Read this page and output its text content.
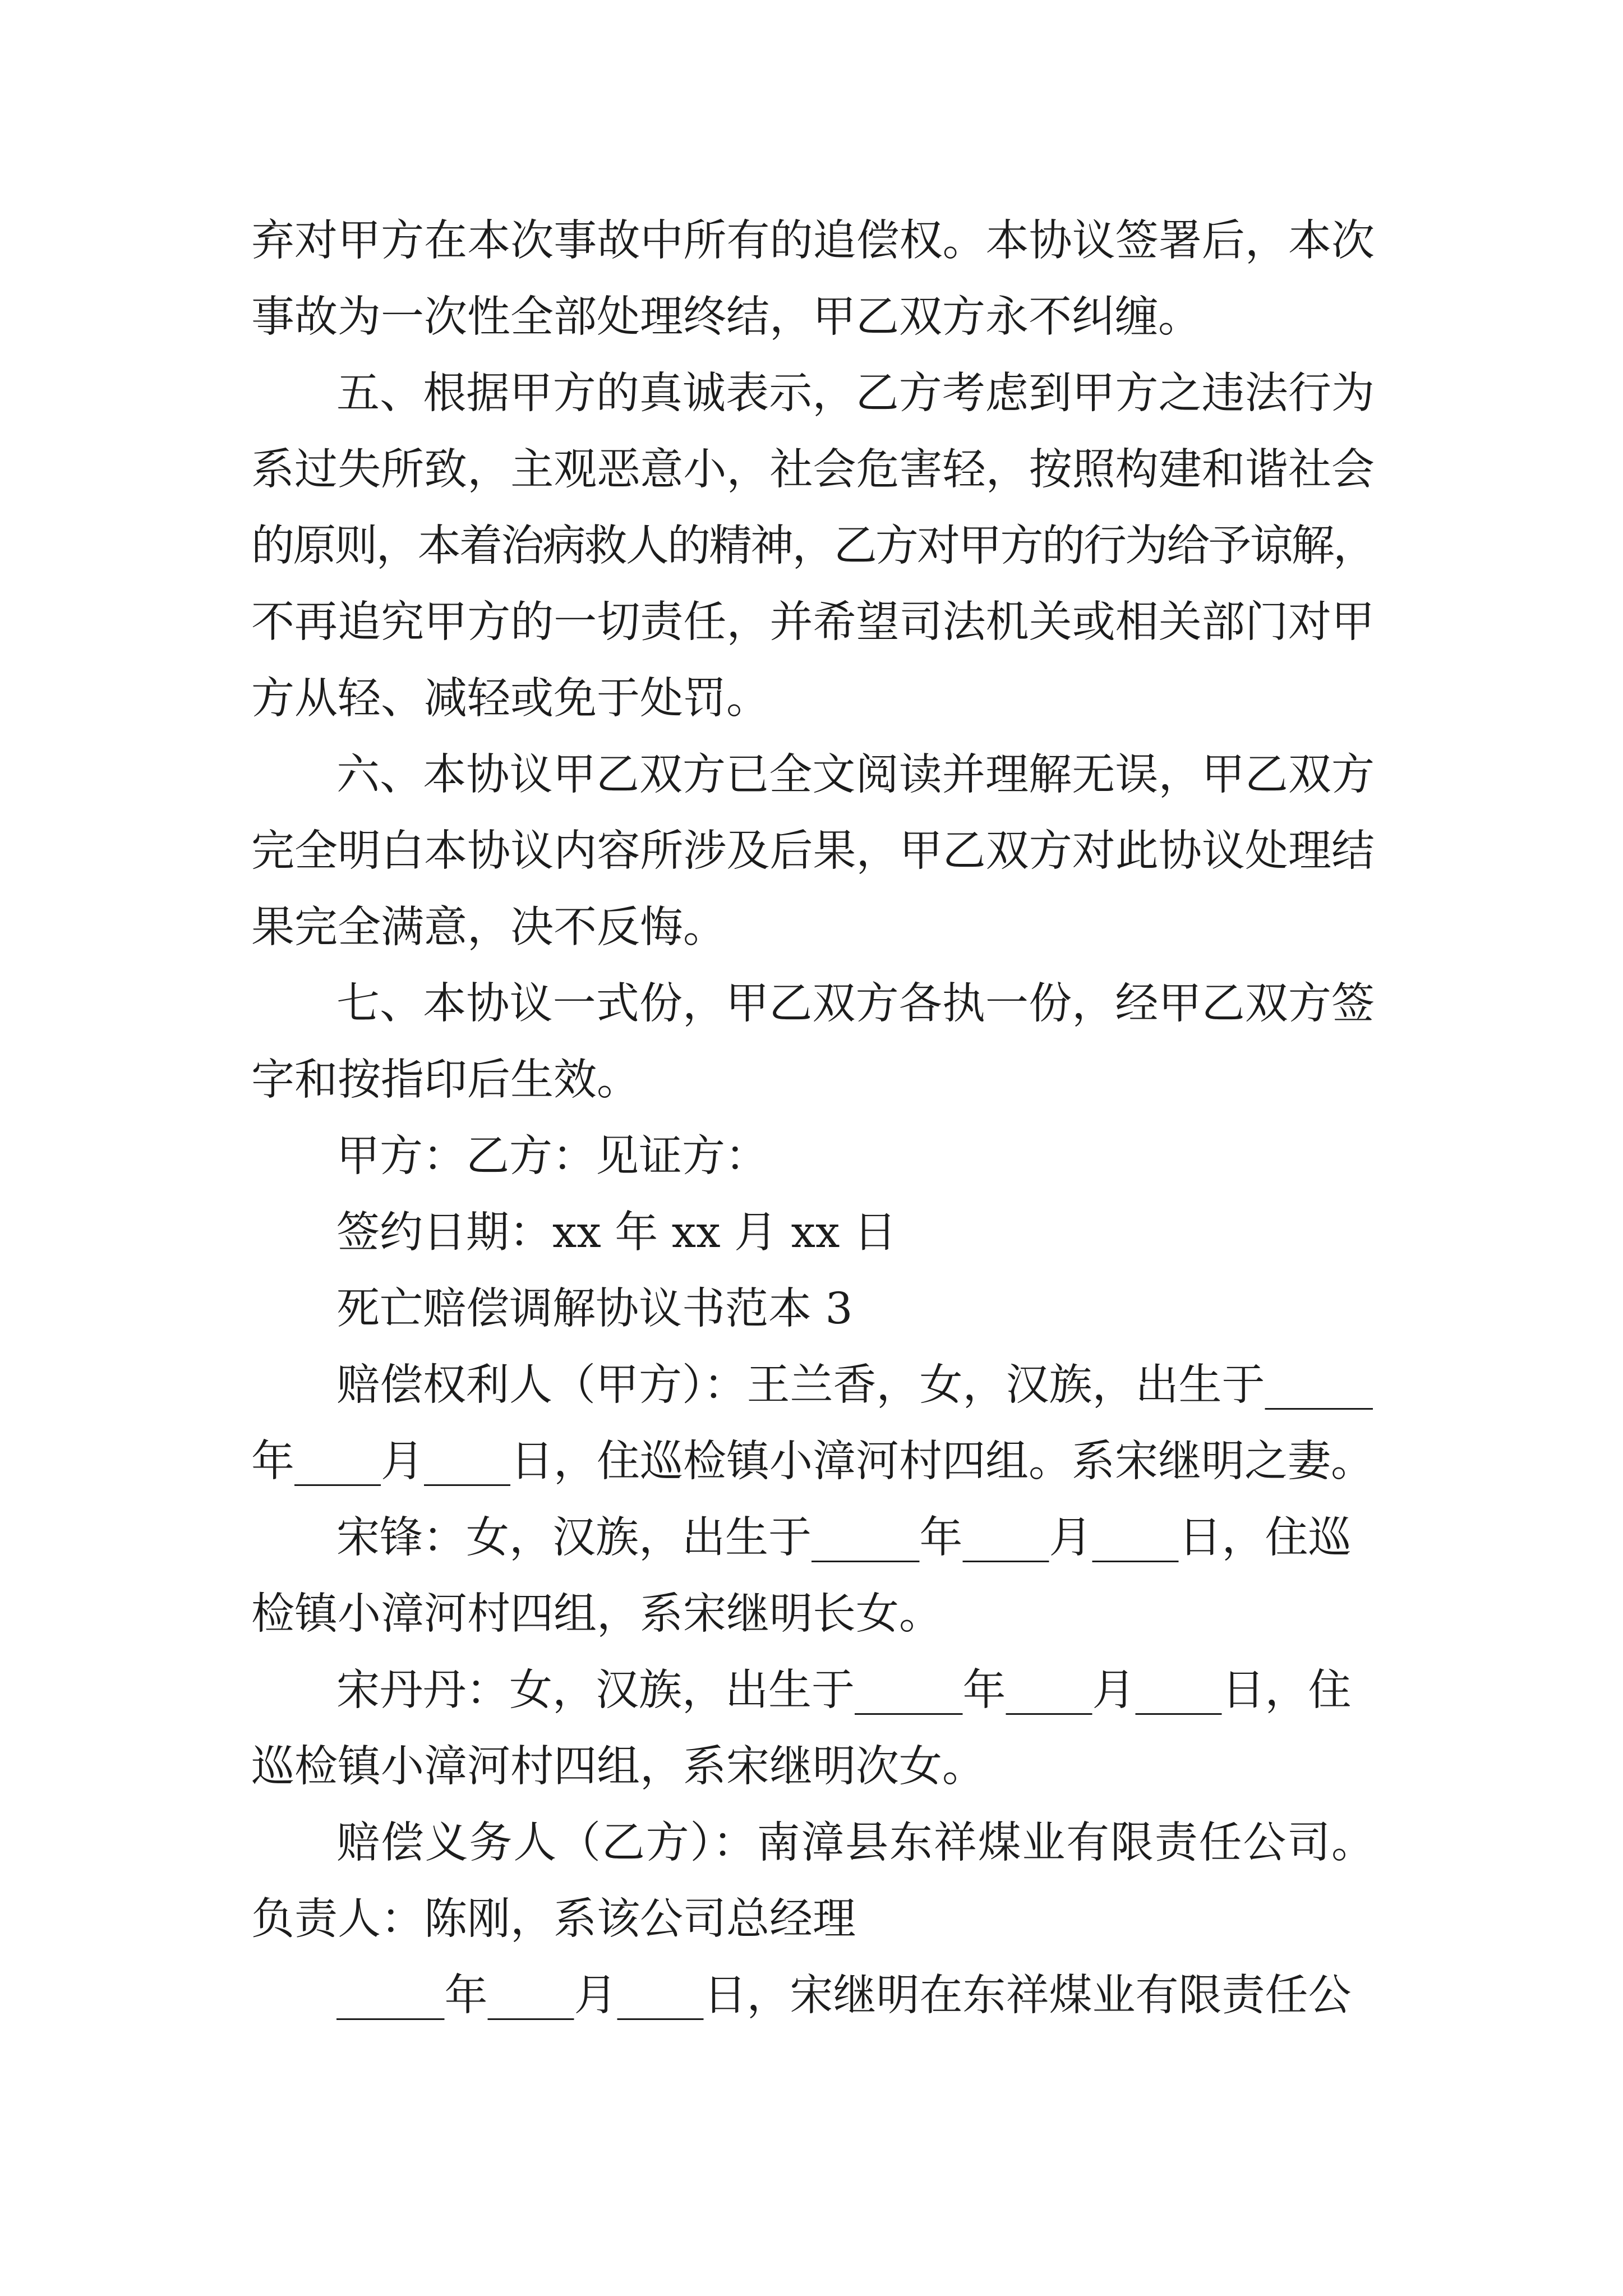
弃对甲方在本次事故中所有的追偿权。本协议签署后，本次
事故为一次性全部处理终结，甲乙双方永不纠缠。
五、根据甲方的真诚表示，乙方考虑到甲方之违法行为
系过失所致，主观恶意小，社会危害轻，按照构建和谐社会
的原则，本着治病救人的精神，乙方对甲方的行为给予谅解，
不再追究甲方的一切责任，并希望司法机关或相关部门对甲
方从轻、减轻或免于处罚。
六、本协议甲乙双方已全文阅读并理解无误，甲乙双方
完全明白本协议内容所涉及后果，甲乙双方对此协议处理结
果完全满意，决不反悔。
七、本协议一式份，甲乙双方各执一份，经甲乙双方签
字和按指印后生效。
甲方：乙方：见证方：
签约日期：xx 年 xx 月 xx 日
死亡赔偿调解协议书范本 3
赔偿权利人（甲方）：王兰香，女，汉族，出生于_____
年____月____日，住巡检镇小漳河村四组。系宋继明之妻。
宋锋：女，汉族，出生于_____年____月____日，住巡
检镇小漳河村四组，系宋继明长女。
宋丹丹：女，汉族，出生于_____年____月____日，住
巡检镇小漳河村四组，系宋继明次女。
赔偿义务人（乙方）：南漳县东祥煤业有限责任公司。
负责人：陈刚，系该公司总经理
_____年____月____日，宋继明在东祥煤业有限责任公
